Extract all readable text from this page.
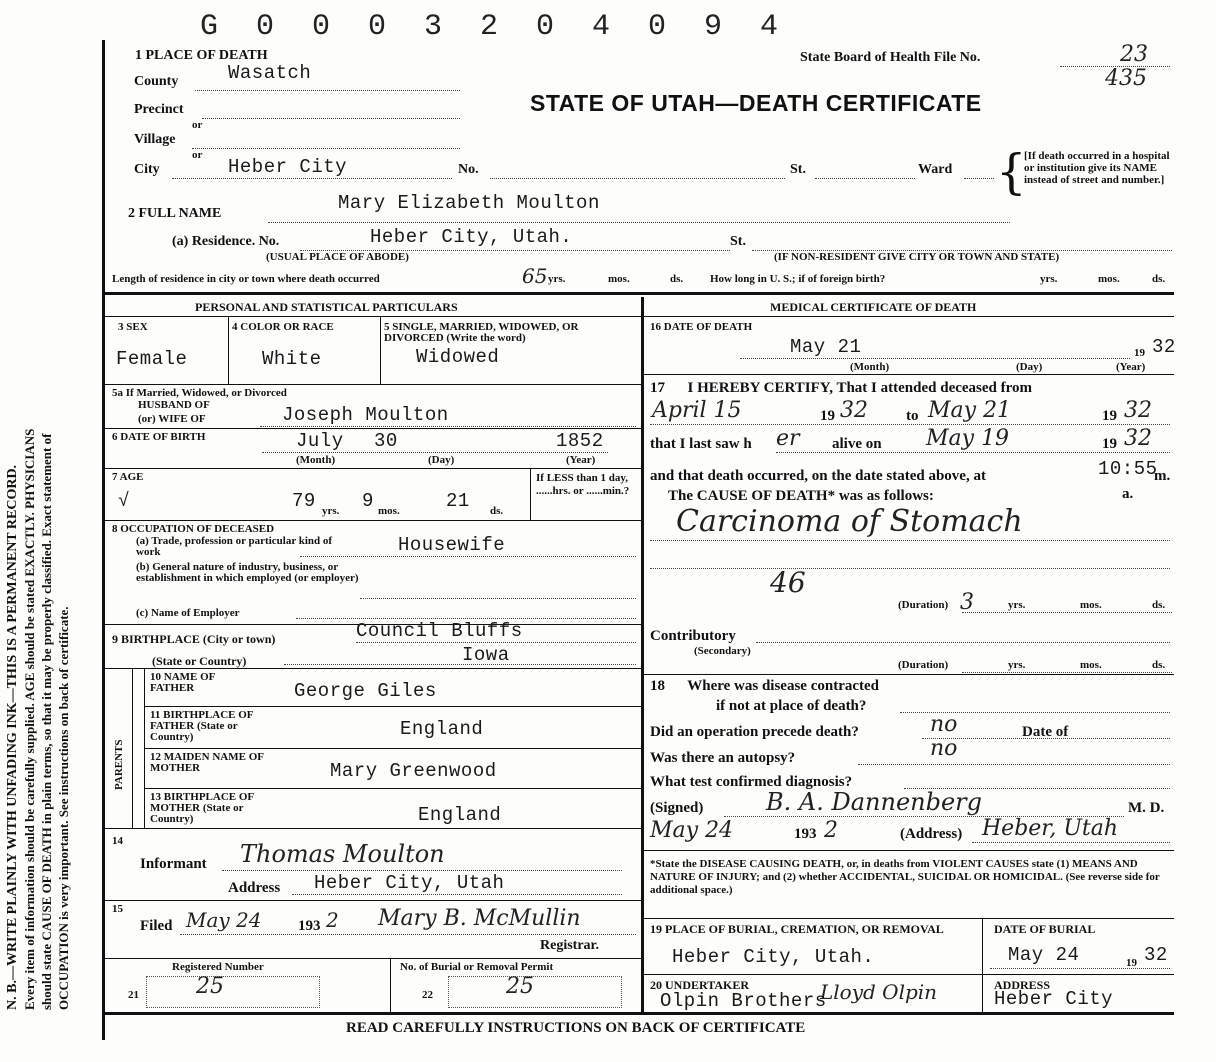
G 0 0 0 3 2 0 4 0 9 4
N. B.—WRITE PLAINLY WITH UNFADING INK—THIS IS A PERMANENT RECORD. Every item of information should be carefully supplied. AGE should be stated EXACTLY. PHYSICIANS should state CAUSE OF DEATH in plain terms, so that it may be properly classified. Exact statement of OCCUPATION is very important. See instructions on back of certificate.
State Board of Health File No.	23
435
STATE OF UTAH—DEATH CERTIFICATE
1 PLACE OF DEATH
County	Wasatch
Precinct
or
Village
or
City	Heber City	No.	St.	Ward {
[If death occurred in a hospital or institution give its NAME instead of street and number.]
2 FULL NAME	Mary Elizabeth Moulton
(a) Residence. No.	Heber City, Utah.	St.
(USUAL PLACE OF ABODE)	(IF NON-RESIDENT GIVE CITY OR TOWN AND STATE)
Length of residence in city or town where death occurred	65 yrs.	mos.	ds. How long in U. S.; if of foreign birth?	yrs.	mos.	ds.
PERSONAL AND STATISTICAL PARTICULARS	MEDICAL CERTIFICATE OF DEATH
3 SEX
Female
4 COLOR OR RACE
White
5 SINGLE, MARRIED, WIDOWED, OR DIVORCED (Write the word)
Widowed
5a If Married, Widowed, or Divorced
HUSBAND OF
(or) WIFE OF	Joseph Moulton
6 DATE OF BIRTH	July 30	1852
(Month)	(Day)	(Year)
7 AGE
√	79 yrs. 9 mos. 21 ds.
If LESS than 1 day, ......hrs. or ......min.?
8 OCCUPATION OF DECEASED
(a) Trade, profession or particular kind of work	Housewife
(b) General nature of industry, business, or establishment in which employed (or employer)
(c) Name of Employer
9 BIRTHPLACE (City or town)	Council Bluffs
(State or Country)	Iowa
PARENTS
10 NAME OF FATHER	George Giles
11 BIRTHPLACE OF FATHER (State or Country)	England
12 MAIDEN NAME OF MOTHER	Mary Greenwood
13 BIRTHPLACE OF MOTHER (State or Country)	England
14
Informant Thomas Moulton
Address Heber City, Utah
15
Filed May 24 193 2 Mary B. McMullin
Registrar.
Registered Number	No. of Burial or Removal Permit
21	25	22	25
16 DATE OF DEATH
May 21	19 32
(Month)	(Day)	(Year)
17      I HEREBY CERTIFY, That I attended deceased from
April 15	19 32	to May 21	19 32
that I last saw h er alive on May 19	19 32
and that death occurred, on the date stated above, at	10:55
m.
The CAUSE OF DEATH* was as follows:	a.
Carcinoma of Stomach
46
(Duration) 3	yrs.	mos.	ds.
Contributory
(Secondary)
(Duration)	yrs.	mos.	ds.
18      Where was disease contracted
if not at place of death?
Did an operation precede death?	no	Date of
Was there an autopsy?	no
What test confirmed diagnosis?
(Signed)	B. A. Dannenberg	M. D.
May 24	193 2	(Address) Heber, Utah
*State the DISEASE CAUSING DEATH, or, in deaths from VIOLENT CAUSES state (1) MEANS AND NATURE OF INJURY; and (2) whether ACCIDENTAL, SUICIDAL OR HOMICIDAL. (See reverse side for additional space.)
19 PLACE OF BURIAL, CREMATION, OR REMOVAL
Heber City, Utah.
DATE OF BURIAL
May 24	19 32
20 UNDERTAKER
Olpin Brothers
Lloyd Olpin	ADDRESS
Heber City
READ CAREFULLY INSTRUCTIONS ON BACK OF CERTIFICATE
